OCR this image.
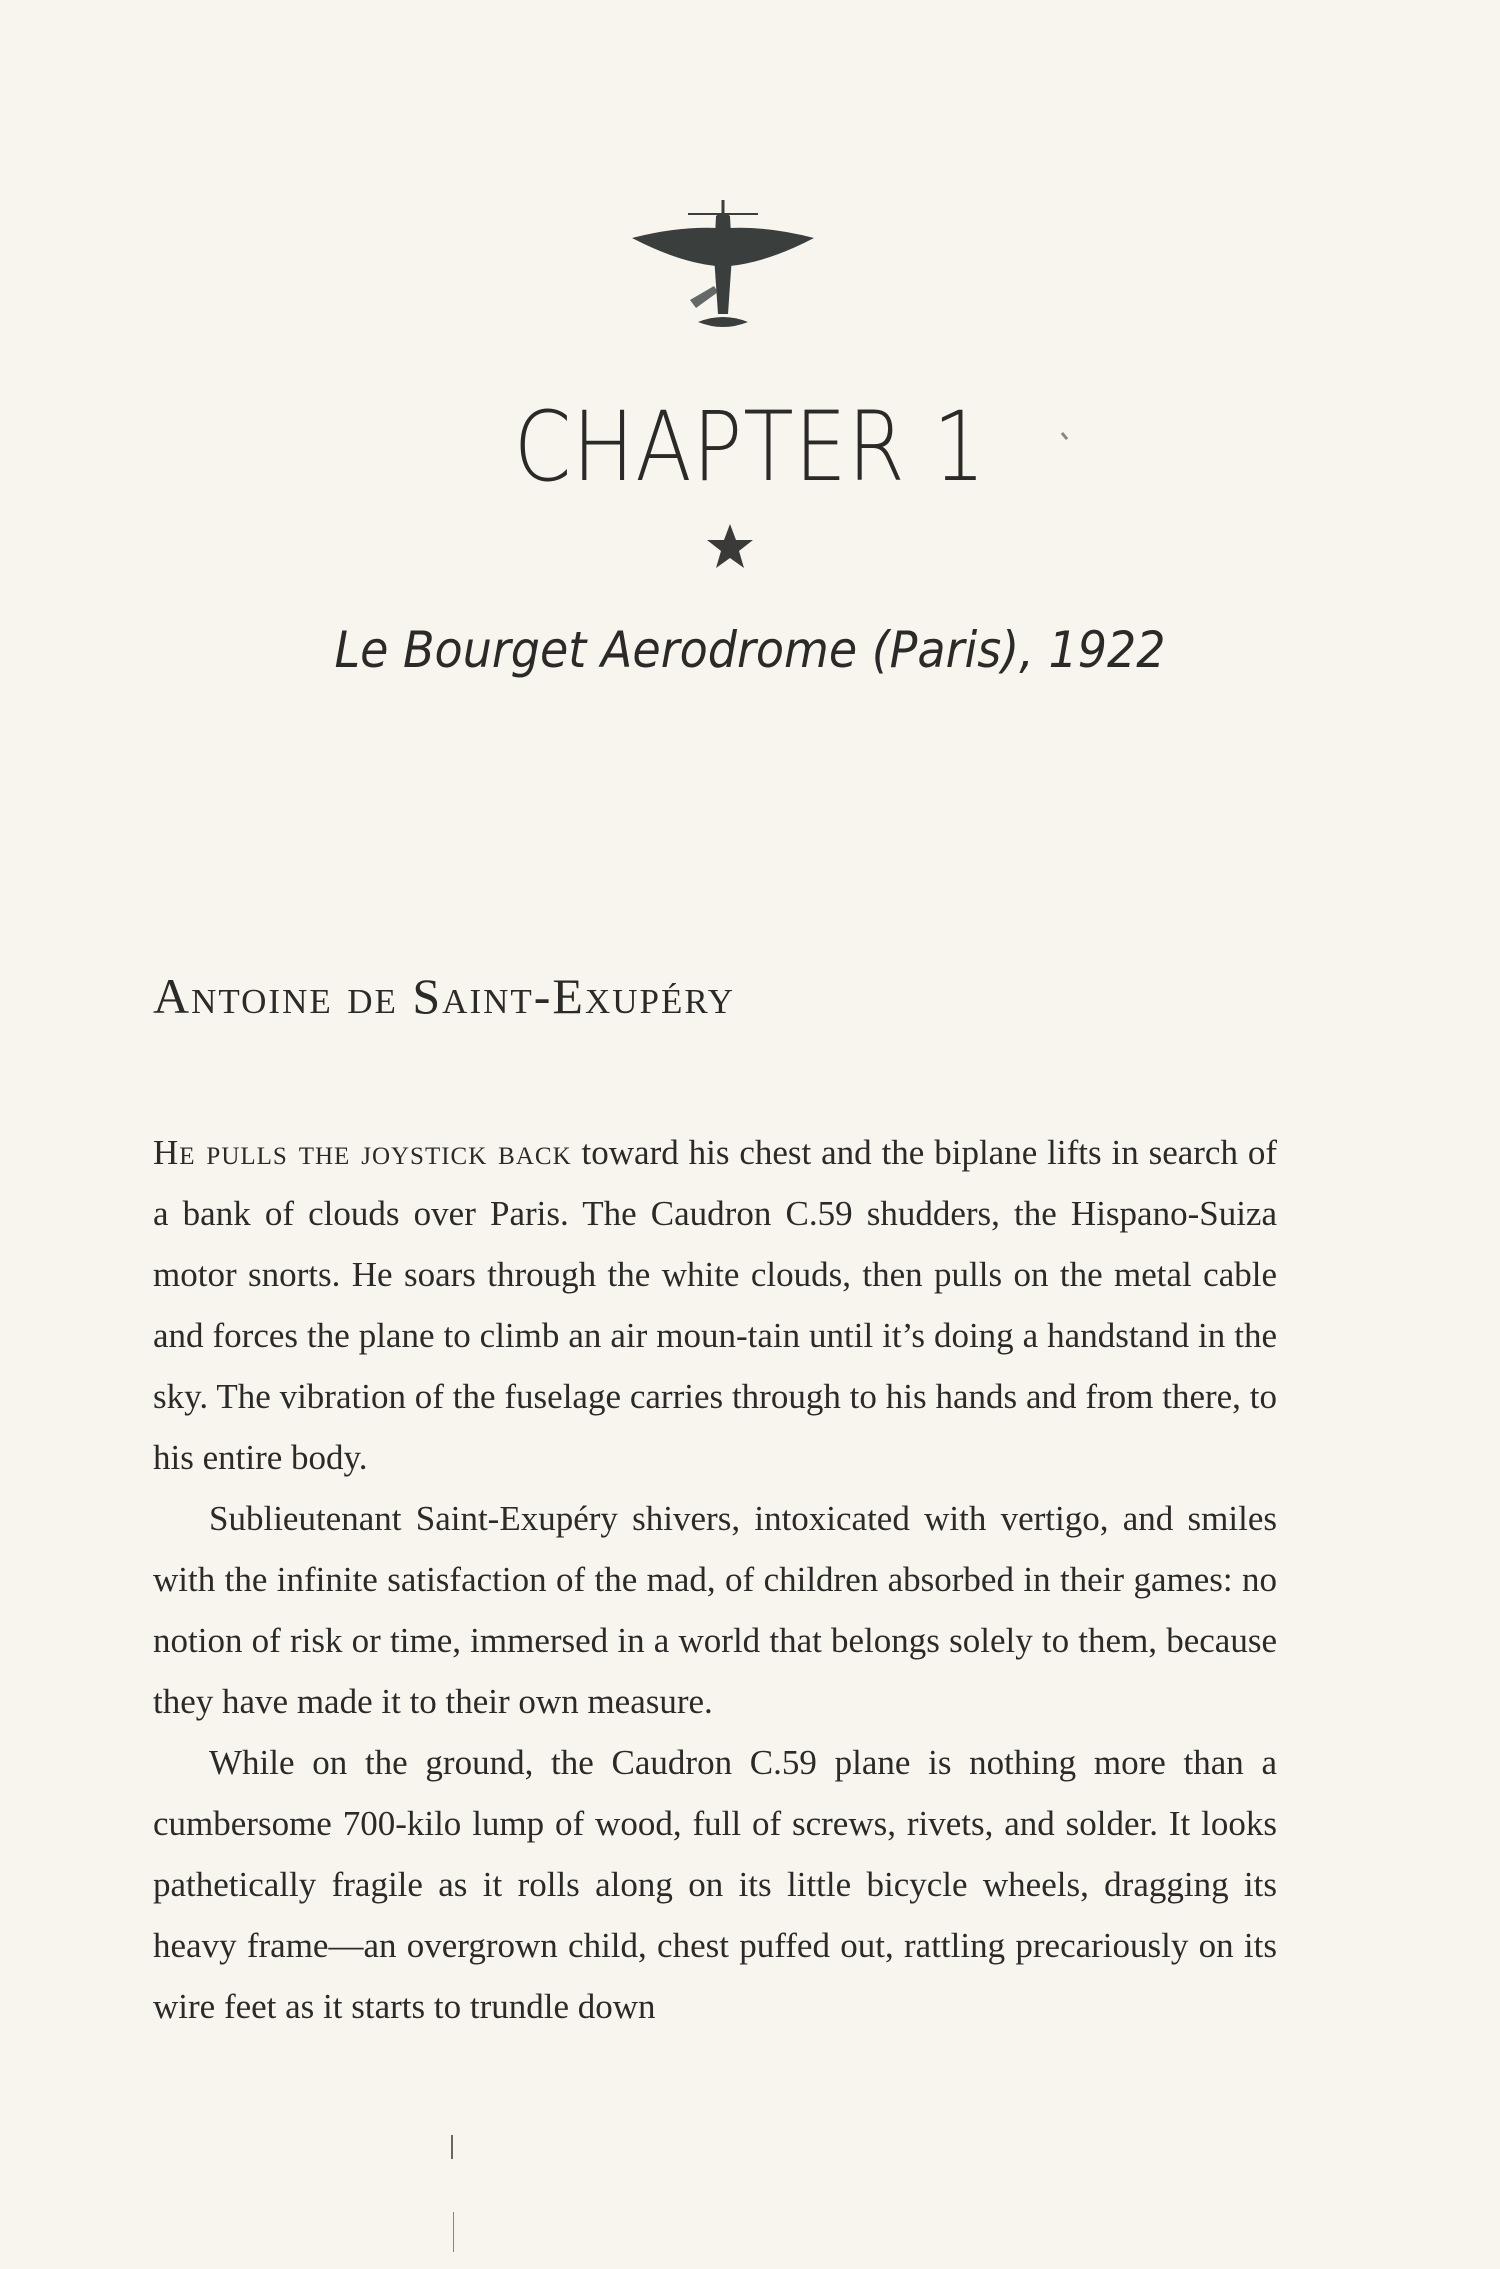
CHAPTER 1
Le Bourget Aerodrome (Paris), 1922
Antoine de Saint-Exupéry

He pulls the joystick back toward his chest and the biplane lifts in search of a bank of clouds over Paris. The Caudron C.59 shudders, the Hispano-Suiza motor snorts. He soars through the white clouds, then pulls on the metal cable and forces the plane to climb an air moun-tain until it’s doing a handstand in the sky. The vibration of the fuselage carries through to his hands and from there, to his entire body.

Sublieutenant Saint-Exupéry shivers, intoxicated with vertigo, and smiles with the infinite satisfaction of the mad, of children absorbed in their games: no notion of risk or time, immersed in a world that belongs solely to them, because they have made it to their own measure.

While on the ground, the Caudron C.59 plane is nothing more than a cumbersome 700-kilo lump of wood, full of screws, rivets, and solder. It looks pathetically fragile as it rolls along on its little bicycle wheels, dragging its heavy frame—an overgrown child, chest puffed out, rattling precariously on its wire feet as it starts to trundle down
